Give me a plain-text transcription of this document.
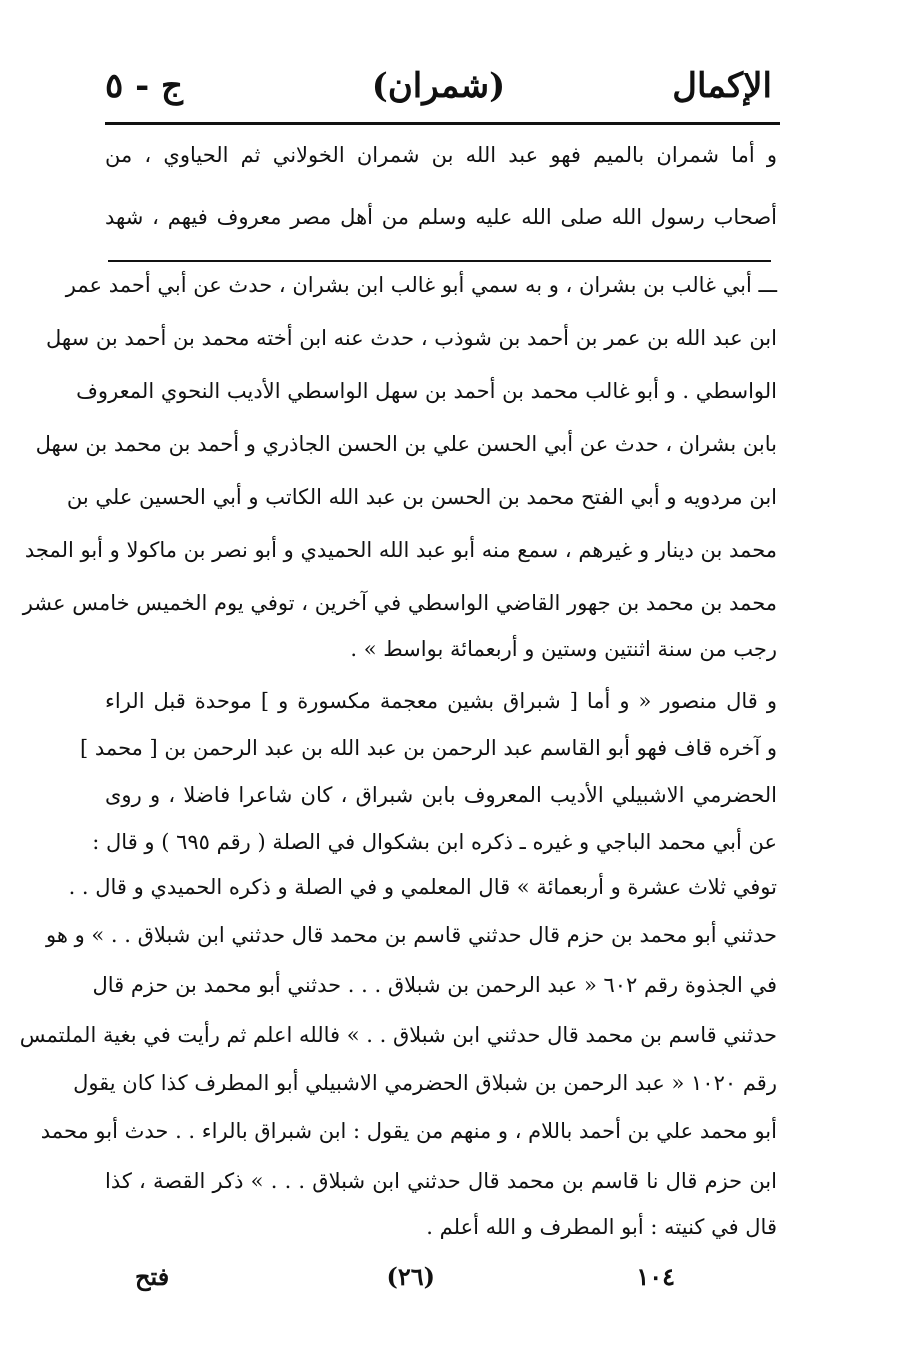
الإكمال
(شمران)
ج - ٥
و أما شمران بالميم فهو عبد الله بن شمران الخولاني ثم الحياوي ، من
أصحاب رسول الله صلى الله عليه وسلم من أهل مصر معروف فيهم ، شهد
ـــ أبي غالب بن بشران ، و به سمي أبو غالب ابن بشران ، حدث عن أبي أحمد عمر
ابن عبد الله بن عمر بن أحمد بن شوذب ، حدث عنه ابن أخته محمد بن أحمد بن سهل
الواسطي . و أبو غالب محمد بن أحمد بن سهل الواسطي الأديب النحوي المعروف
بابن بشران ، حدث عن أبي الحسن علي بن الحسن الجاذري و أحمد بن محمد بن سهل
ابن مردويه و أبي الفتح محمد بن الحسن بن عبد الله الكاتب و أبي الحسين علي بن
محمد بن دينار و غيرهم ، سمع منه أبو عبد الله الحميدي و أبو نصر بن ماكولا و أبو المجد
محمد بن محمد بن جهور القاضي الواسطي في آخرين ، توفي يوم الخميس خامس عشر
رجب من سنة اثنتين وستين و أربعمائة بواسط » .
و قال منصور « و أما [ شبراق بشين معجمة مكسورة و ] موحدة قبل الراء
و آخره قاف فهو أبو القاسم عبد الرحمن بن عبد الله بن عبد الرحمن بن [ محمد ]
الحضرمي الاشبيلي الأديب المعروف بابن شبراق ، كان شاعرا فاضلا ، و روى
عن أبي محمد الباجي و غيره ـ ذكره ابن بشكوال في الصلة ( رقم ٦٩٥ ) و قال :
توفي ثلاث عشرة و أربعمائة » قال المعلمي و في الصلة و ذكره الحميدي و قال . .
حدثني أبو محمد بن حزم قال حدثني قاسم بن محمد قال حدثني ابن شبلاق . . » و هو
في الجذوة رقم ٦٠٢ « عبد الرحمن بن شبلاق . . . حدثني أبو محمد بن حزم قال
حدثني قاسم بن محمد قال حدثني ابن شبلاق . . » فالله اعلم ثم رأيت في بغية الملتمس
رقم ١٠٢٠ « عبد الرحمن بن شبلاق الحضرمي الاشبيلي أبو المطرف كذا كان يقول
أبو محمد علي بن أحمد باللام ، و منهم من يقول : ابن شبراق بالراء . . حدث أبو محمد
ابن حزم قال نا قاسم بن محمد قال حدثني ابن شبلاق . . . » ذكر القصة ، كذا
قال في كنيته : أبو المطرف و الله أعلم .
١٠٤
(٢٦)
فتح
